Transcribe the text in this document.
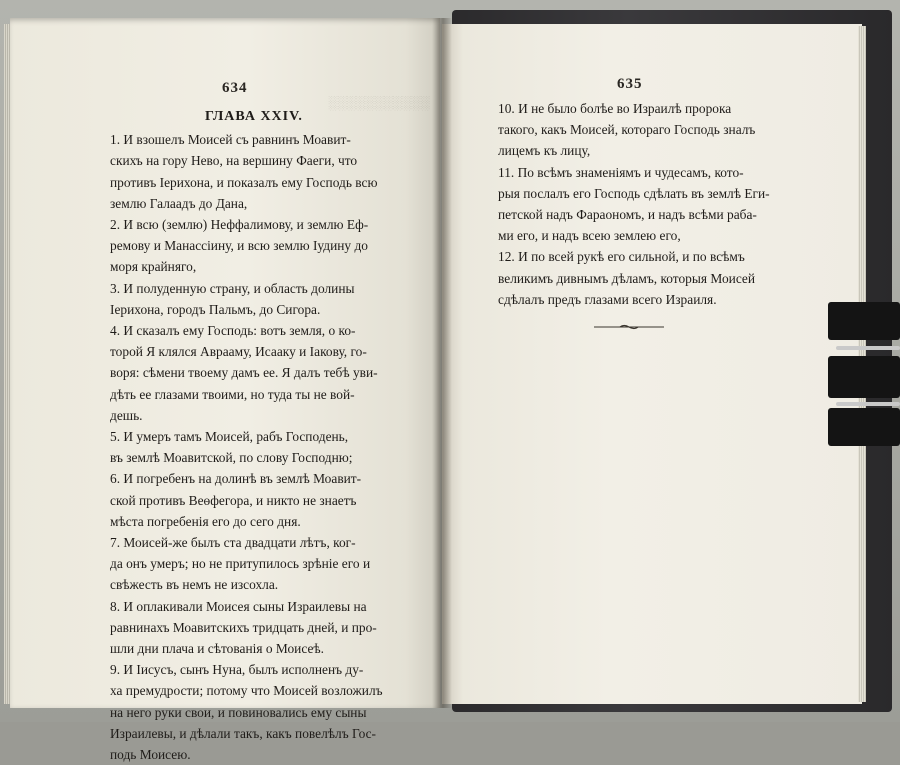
░░░░░░░░░░░
634	635
ГЛАВА XXIV.

1. И взошелъ Моисей съ равнинъ Моавит-

скихъ на гору Нево, на вершину Фаеги, что

противъ Іерихона, и показалъ ему Господь всю

землю Галаадъ до Дана,

2. И всю (землю) Неффалимову, и землю Еф-

ремову и Манассіину, и всю землю Іудину до

моря крайняго,

3. И полуденную страну, и область долины

Іерихона, городъ Пальмъ, до Сигора.

4. И сказалъ ему Господь: вотъ земля, о ко-

торой Я клялся Аврааму, Исааку и Іакову, го-

воря: сѣмени твоему дамъ ее. Я далъ тебѣ уви-

дѣть ее глазами твоими, но туда ты не вой-

дешь.

5. И умеръ тамъ Моисей, рабъ Господень,

въ землѣ Моавитской, по слову Господню;

6. И погребенъ на долинѣ въ землѣ Моавит-

ской противъ Веѳфегора, и никто не знаетъ

мѣста погребенія его до сего дня.

7. Моисей-же былъ ста двадцати лѣтъ, ког-

да онъ умеръ; но не притупилось зрѣніе его и

свѣжесть въ немъ не изсохла.

8. И оплакивали Моисея сыны Израилевы на

равнинахъ Моавитскихъ тридцать дней, и про-

шли дни плача и сѣтованія о Моисеѣ.

9. И Іисусъ, сынъ Нуна, былъ исполненъ ду-

ха премудрости; потому что Моисей возложилъ

на него руки свои, и повиновались ему сыны

Израилевы, и дѣлали такъ, какъ повелѣлъ Гос-

подь Моисею.

10. И не было болѣе во Израилѣ пророка

такого, какъ Моисей, котораго Господь зналъ

лицемъ къ лицу,

11. По всѣмъ знаменіямъ и чудесамъ, кото-

рыя послалъ его Господь сдѣлать въ землѣ Еги-

петской надъ Фараономъ, и надъ всѣми раба-

ми его, и надъ всею землею его,

12. И по всей рукѣ его сильной, и по всѣмъ

великимъ дивнымъ дѣламъ, которыя Моисей

сдѣлалъ предъ глазами всего Израиля.
